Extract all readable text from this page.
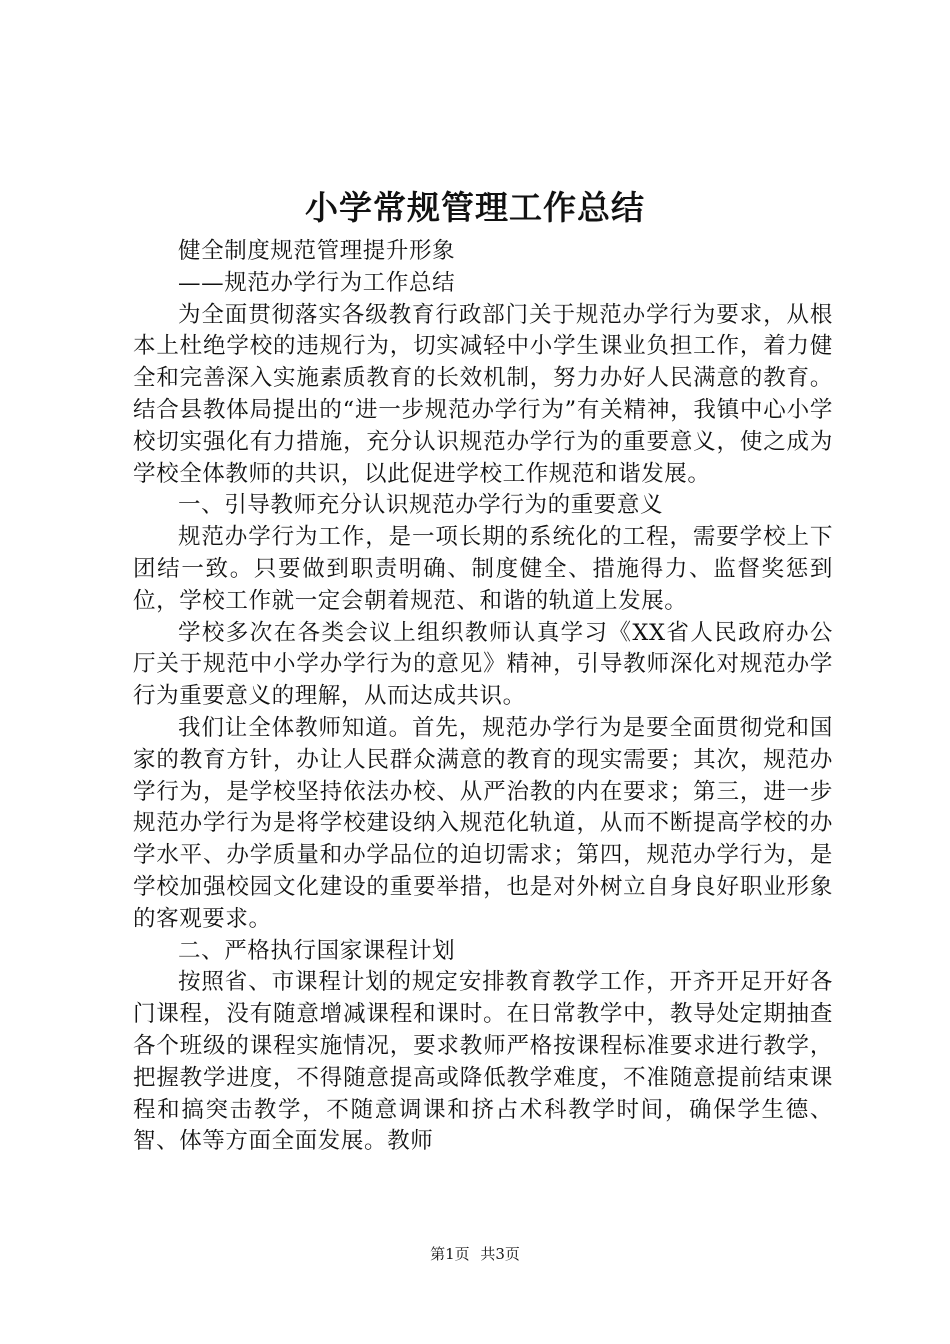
小学常规管理工作总结

健全制度规范管理提升形象

——规范办学行为工作总结

为全面贯彻落实各级教育行政部门关于规范办学行为要求，从根本上杜绝学校的违规行为，切实减轻中小学生课业负担工作，着力健全和完善深入实施素质教育的长效机制，努力办好人民满意的教育。结合县教体局提出的“进一步规范办学行为”有关精神，我镇中心小学校切实强化有力措施，充分认识规范办学行为的重要意义，使之成为学校全体教师的共识，以此促进学校工作规范和谐发展。

一、引导教师充分认识规范办学行为的重要意义

规范办学行为工作，是一项长期的系统化的工程，需要学校上下团结一致。只要做到职责明确、制度健全、措施得力、监督奖惩到位，学校工作就一定会朝着规范、和谐的轨道上发展。

学校多次在各类会议上组织教师认真学习《XX省人民政府办公厅关于规范中小学办学行为的意见》精神，引导教师深化对规范办学行为重要意义的理解，从而达成共识。

我们让全体教师知道。首先，规范办学行为是要全面贯彻党和国家的教育方针，办让人民群众满意的教育的现实需要；其次，规范办学行为，是学校坚持依法办校、从严治教的内在要求；第三，进一步规范办学行为是将学校建设纳入规范化轨道，从而不断提高学校的办学水平、办学质量和办学品位的迫切需求；第四，规范办学行为，是学校加强校园文化建设的重要举措，也是对外树立自身良好职业形象的客观要求。

二、严格执行国家课程计划

按照省、市课程计划的规定安排教育教学工作，开齐开足开好各门课程，没有随意增减课程和课时。在日常教学中，教导处定期抽查各个班级的课程实施情况，要求教师严格按课程标准要求进行教学，把握教学进度，不得随意提高或降低教学难度，不准随意提前结束课程和搞突击教学，不随意调课和挤占术科教学时间，确保学生德、智、体等方面全面发展。教师

第1页 共3页
